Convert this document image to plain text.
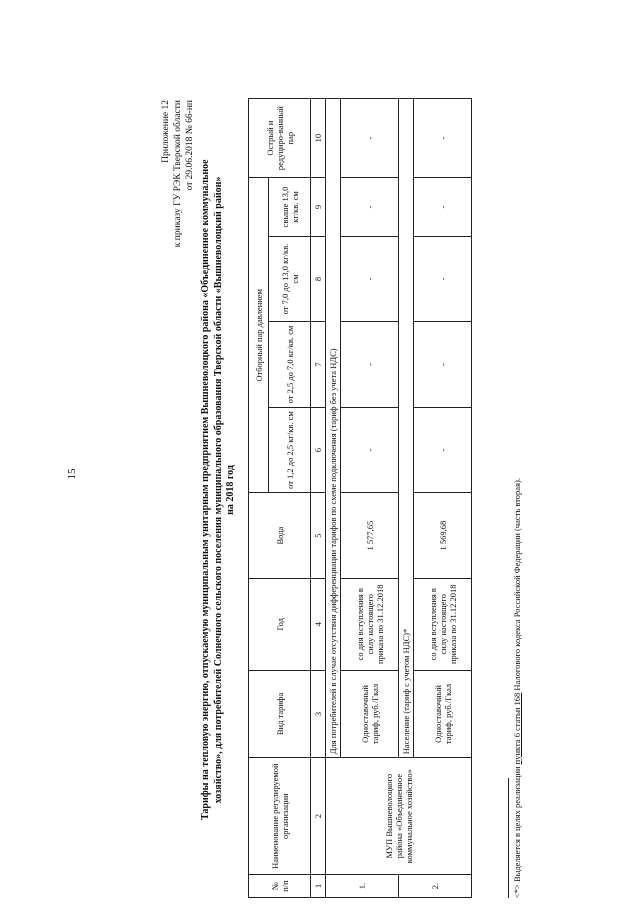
15
Приложение 12 к приказу ГУ РЭК Тверской области от 29.06.2018 № 66-нп
Тарифы на тепловую энергию, отпускаемую муниципальным унитарным предприятием Вышневолоцкого района «Объединенное коммунальное хозяйство», для потребителей Солнечного сельского поселения муниципального образования Тверской области «Вышневолоцкий район» на 2018 год
№ п/п	Наименование регулируемой организации	Вид тарифа	Год	Вода	Отборный пар давлением				Острый и редуциро-ванный пар
					от 1,2 до 2,5 кг/кв. см	от 2,5 до 7,0 кг/кв. см	от 7,0 до 13,0 кг/кв. см	свыше 13,0 кг/кв. см	
1	2	3	4	5	6	7	8	9	10
1.	МУП Вышневолоцкого района «Объединенное коммунальное хозяйство»	Для потребителей в случае отсутствия дифференциации тарифов по схеме подключения (тариф без учета НДС)							
		Одноставочный тариф, руб./Гкал	со дня вступления в силу настоящего приказа по 31.12.2018	1 577,65	-	-	-	-	-
2.		Население (тариф с учетом НДС)*							
		Одноставочный тариф, руб./Гкал	со дня вступления в силу настоящего приказа по 31.12.2018	1 569,68	-	-	-	-	-
<*> Выделяется в целях реализации пункта 6 статьи 168 Налогового кодекса Российской Федерации (часть вторая).
